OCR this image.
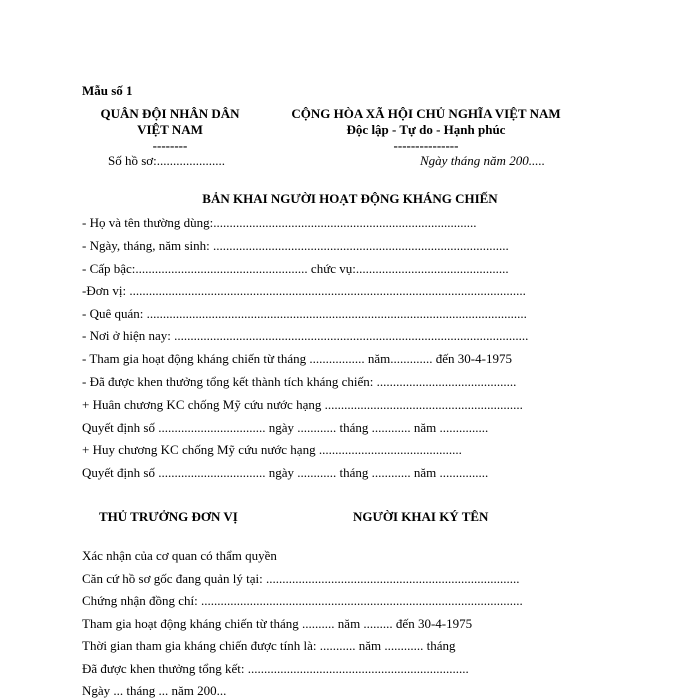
Mẫu số 1
QUÂN ĐỘI NHÂN DÂN
VIỆT NAM
--------
Số hồ sơ:.....................
CỘNG HÒA XÃ HỘI CHỦ NGHĨA VIỆT NAM
Độc lập - Tự do - Hạnh phúc
---------------
Ngày tháng năm 200.....
BẢN KHAI NGƯỜI HOẠT ĐỘNG KHÁNG CHIẾN
- Họ và tên thường dùng:.................................................................................
- Ngày, tháng, năm sinh: ...........................................................................................
- Cấp bậc:..................................................... chức vụ:...............................................
-Đơn vị: ..........................................................................................................................
- Quê quán: .....................................................................................................................
- Nơi ở hiện nay: .............................................................................................................
- Tham gia hoạt động kháng chiến từ tháng ................. năm............. đến 30-4-1975
- Đã được khen thưởng tổng kết thành tích kháng chiến: ...........................................
+ Huân chương KC chống Mỹ cứu nước hạng .............................................................
Quyết định số ................................. ngày ............ tháng ............ năm ...............
+ Huy chương KC chống Mỹ cứu nước hạng ............................................
Quyết định số ................................. ngày ............ tháng ............ năm ...............
THỦ TRƯỞNG ĐƠN VỊ	NGƯỜI KHAI KÝ TÊN
Xác nhận của cơ quan có thẩm quyền
Căn cứ hồ sơ gốc đang quản lý tại: ..............................................................................
Chứng nhận đồng chí: ...................................................................................................
Tham gia hoạt động kháng chiến từ tháng .......... năm ......... đến 30-4-1975
Thời gian tham gia kháng chiến được tính là: ........... năm ............ tháng
Đã được khen thưởng tổng kết: ....................................................................
Ngày ... tháng ... năm 200...
